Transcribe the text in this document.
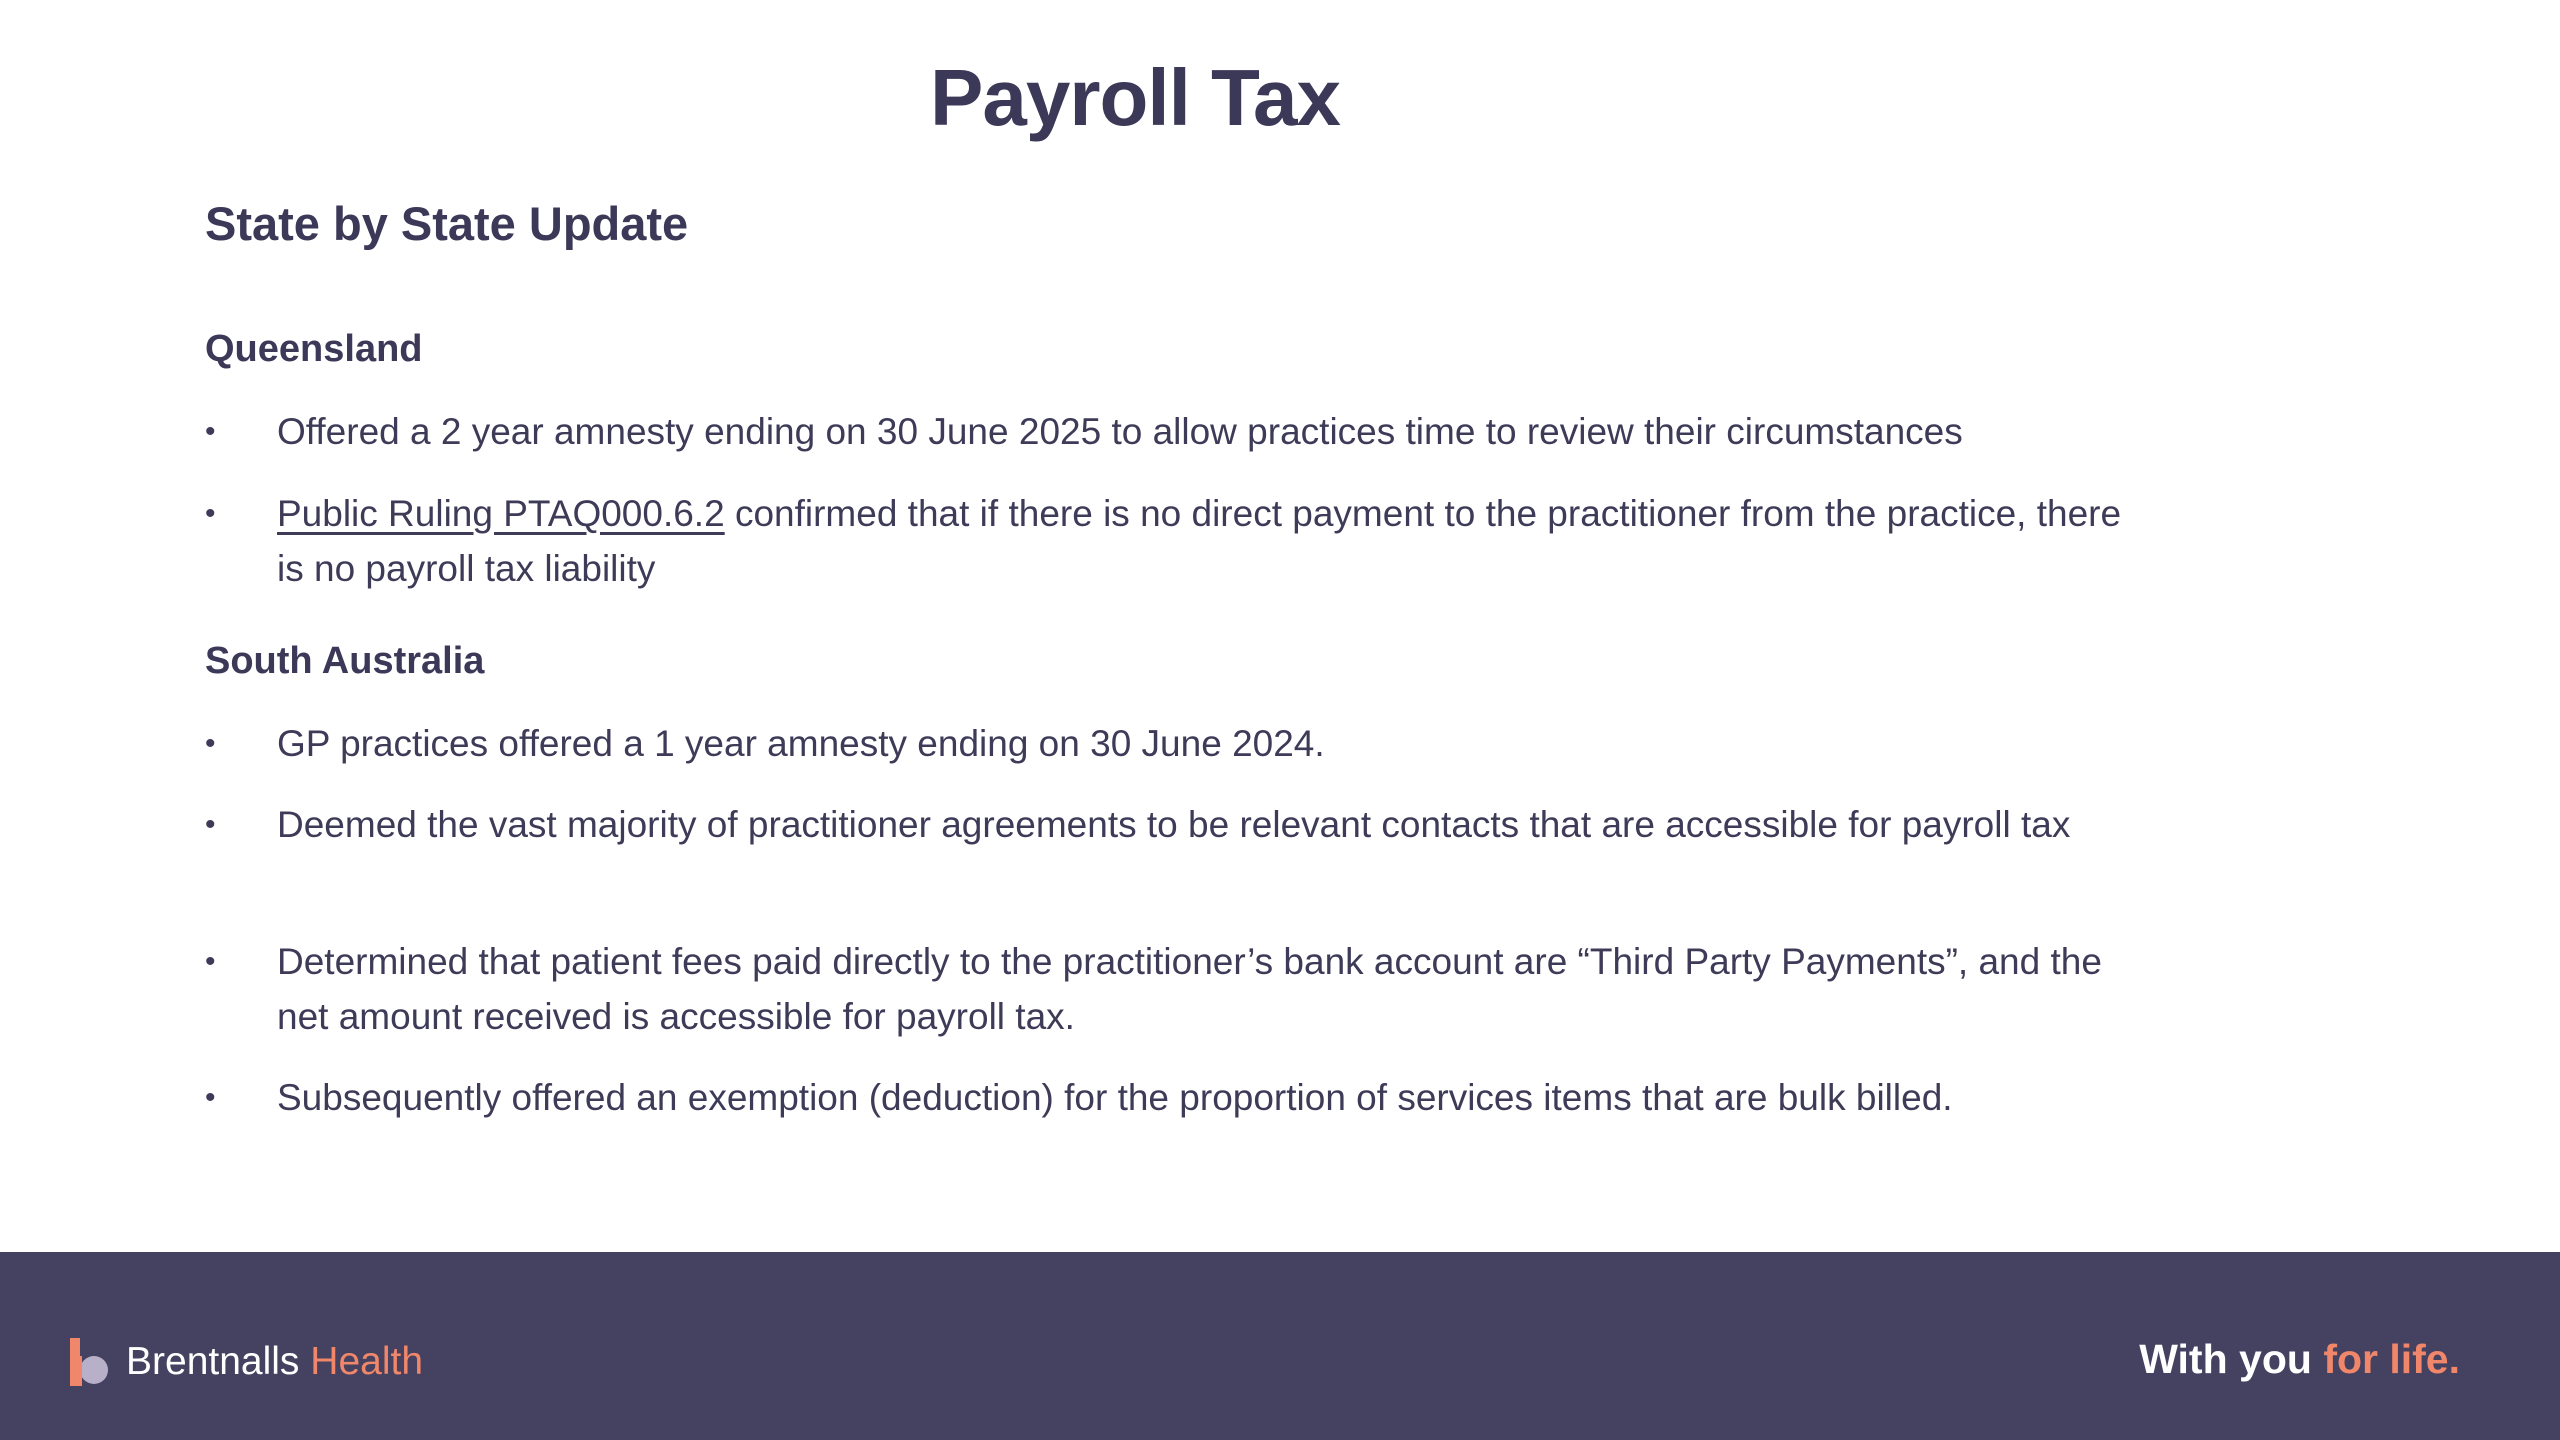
Payroll Tax
State by State Update
Queensland
•	Offered a 2 year amnesty ending on 30 June 2025 to allow practices time to review their circumstances
•	Public Ruling PTAQ000.6.2 confirmed that if there is no direct payment to the practitioner from the practice, there is no payroll tax liability
South Australia
•	GP practices offered a 1 year amnesty ending on 30 June 2024.
•	Deemed the vast majority of practitioner agreements to be relevant contacts that are accessible for payroll tax
•	Determined that patient fees paid directly to the practitioner’s bank account are “Third Party Payments”, and the net amount received is accessible for payroll tax.
•	Subsequently offered an exemption (deduction) for the proportion of services items that are bulk billed.
Brentnalls Health	With you for life.
